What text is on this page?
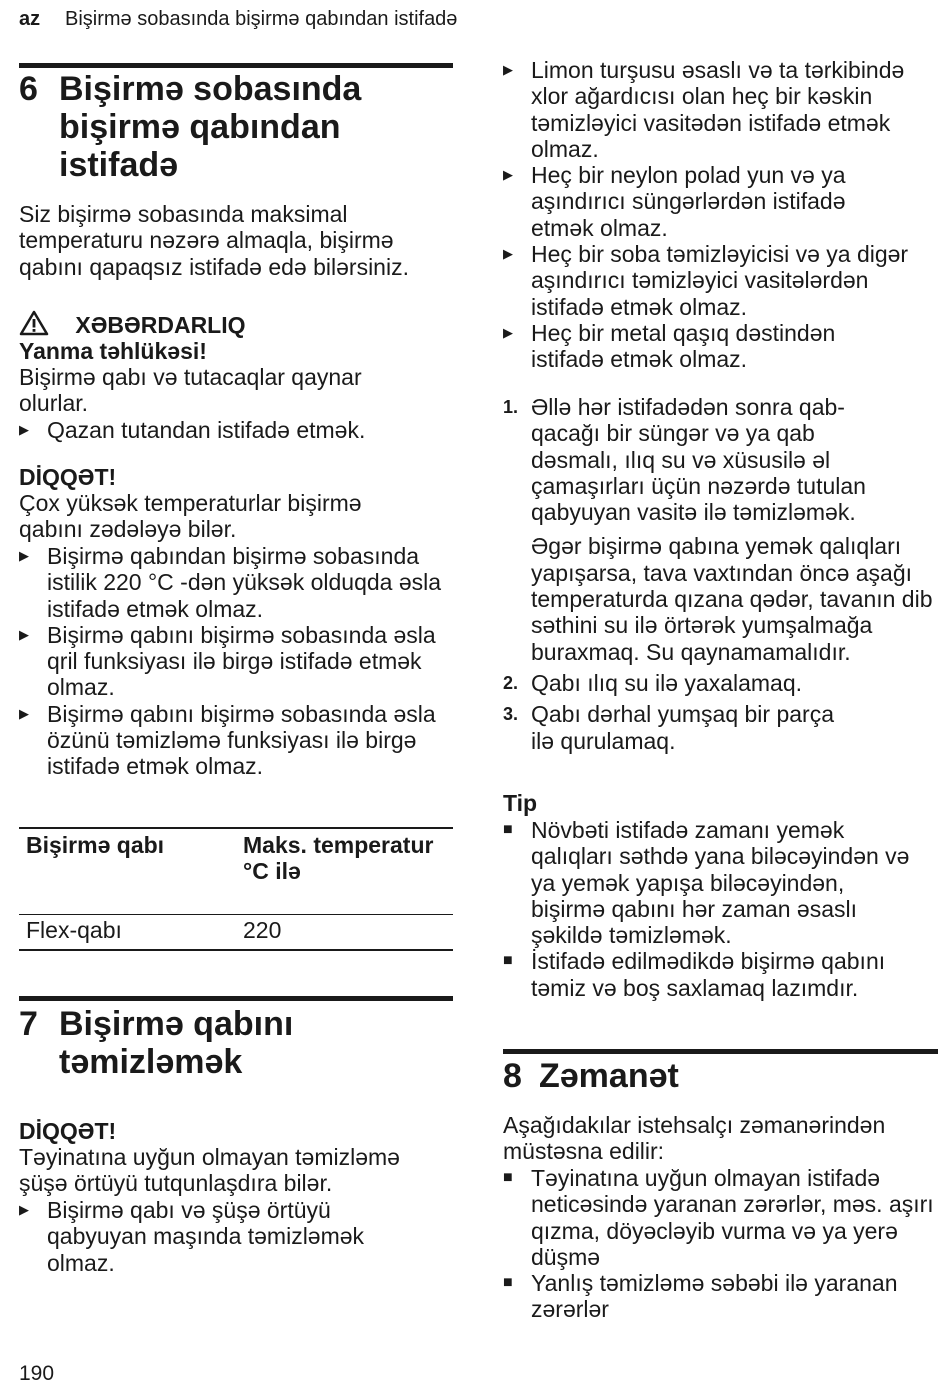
az Bişirmə sobasında bişirmə qabından istifadə
6 Bişirmə sobasında bişirmə qabından istifadə
Siz bişirmə sobasında maksimal temperaturu nəzərə almaqla, bişirmə qabını qapaqsız istifadə edə bilərsiniz.
XƏBƏRDARLIQ
Yanma təhlükəsi!
Bişirmə qabı və tutacaqlar qaynar olurlar.
▶ Qazan tutandan istifadə etmək.
DİQQƏT!
Çox yüksək temperaturlar bişirmə qabını zədələyə bilər.
▶ Bişirmə qabından bişirmə sobasında istilik 220 °C -dən yüksək olduqda əsla istifadə etmək olmaz.
▶ Bişirmə qabını bişirmə sobasında əsla qril funksiyası ilə birgə istifadə etmək olmaz.
▶ Bişirmə qabını bişirmə sobasında əsla özünü təmizləmə funksiyası ilə birgə istifadə etmək olmaz.
Bişirmə qabı	Maks. temperatur °C ilə
Flex-qabı	220
7 Bişirmə qabını təmizləmək
DİQQƏT!
Təyinatına uyğun olmayan təmizləmə şüşə örtüyü tutqunlaşdıra bilər.
▶ Bişirmə qabı və şüşə örtüyü qabyuyan maşında təmizləmək olmaz.
▶ Limon turşusu əsaslı və ta tərkibində xlor ağardıcısı olan heç bir kəskin təmizləyici vasitədən istifadə etmək olmaz.
▶ Heç bir neylon polad yun və ya aşındırıcı süngərlərdən istifadə etmək olmaz.
▶ Heç bir soba təmizləyicisi və ya digər aşındırıcı təmizləyici vasitələrdən istifadə etmək olmaz.
▶ Heç bir metal qaşıq dəstindən istifadə etmək olmaz.
1. Əllə hər istifadədən sonra qab-qacağı bir süngər və ya qab dəsmalı, ılıq su və xüsusilə əl çamaşırları üçün nəzərdə tutulan qabyuyan vasitə ilə təmizləmək.
Əgər bişirmə qabına yemək qalıqları yapışarsa, tava vaxtından öncə aşağı temperaturda qızana qədər, tavanın dib səthini su ilə örtərək yumşalmağa buraxmaq. Su qaynamamalıdır.
2. Qabı ılıq su ilə yaxalamaq.
3. Qabı dərhal yumşaq bir parça ilə qurulamaq.
Tip
■ Növbəti istifadə zamanı yemək qalıqları səthdə yana biləcəyindən və ya yemək yapışa biləcəyindən, bişirmə qabını hər zaman əsaslı şəkildə təmizləmək.
■ İstifadə edilmədikdə bişirmə qabını təmiz və boş saxlamaq lazımdır.
8 Zəmanət
Aşağıdakılar istehsalçı zəmanərindən müstəsna edilir:
■ Təyinatına uyğun olmayan istifadə neticəsində yaranan zərərlər, məs. aşırı qızma, döyəcləyib vurma və ya yerə düşmə
■ Yanlış təmizləmə səbəbi ilə yaranan zərərlər
190
